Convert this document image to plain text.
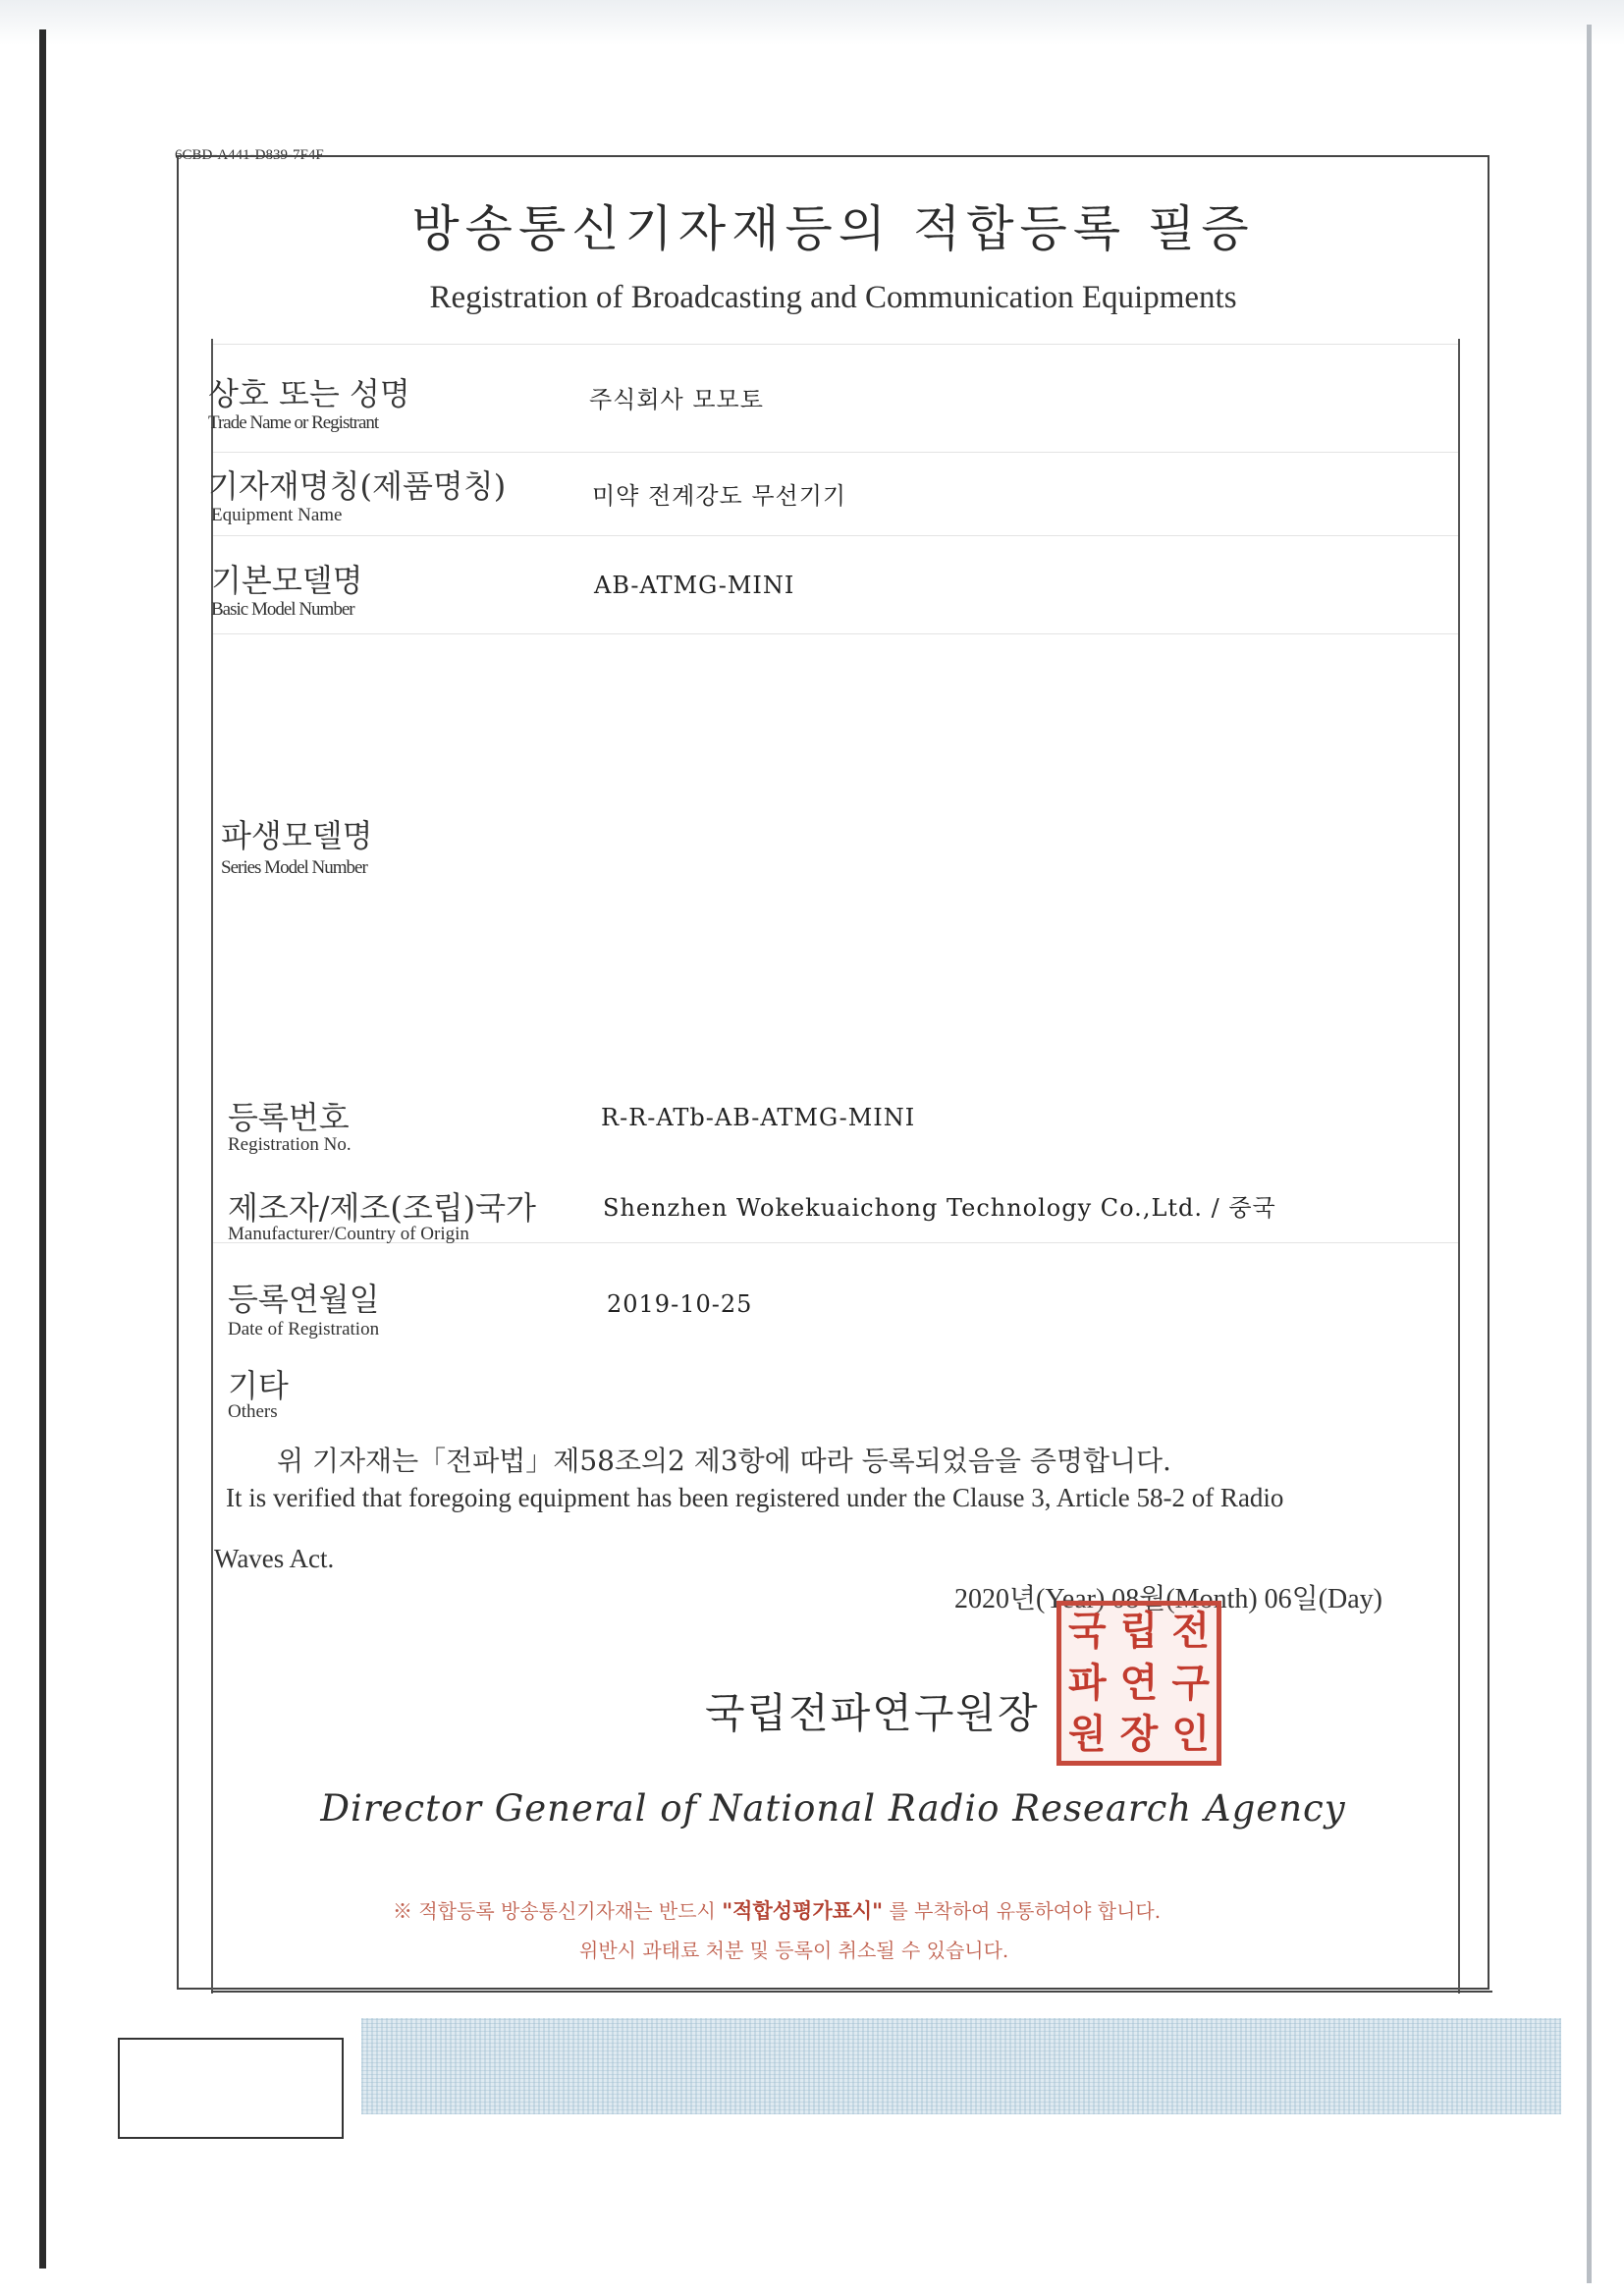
6CBD-A441-D839-7F4F
방송통신기자재등의 적합등록 필증
Registration of Broadcasting and Communication Equipments
상호 또는 성명
Trade Name or Registrant
주식회사 모모토
기자재명칭(제품명칭)
Equipment Name
미약 전계강도 무선기기
기본모델명
Basic Model Number
AB-ATMG-MINI
파생모델명
Series Model Number
등록번호
Registration No.
R-R-ATb-AB-ATMG-MINI
제조자/제조(조립)국가
Manufacturer/Country of Origin
Shenzhen Wokekuaichong Technology Co.,Ltd. / 중국
등록연월일
Date of Registration
2019-10-25
기타
Others
위 기자재는「전파법」제58조의2 제3항에 따라 등록되었음을 증명합니다.
It is verified that foregoing equipment has been registered under the Clause 3, Article 58-2 of Radio
Waves Act.
2020년(Year) 08월(Month) 06일(Day)
국립전파연구원장
국 립 전
파 연 구
원 장 인
Director General of National Radio Research Agency
※ 적합등록 방송통신기자재는 반드시 "적합성평가표시" 를 부착하여 유통하여야 합니다.
위반시 과태료 처분 및 등록이 취소될 수 있습니다.
